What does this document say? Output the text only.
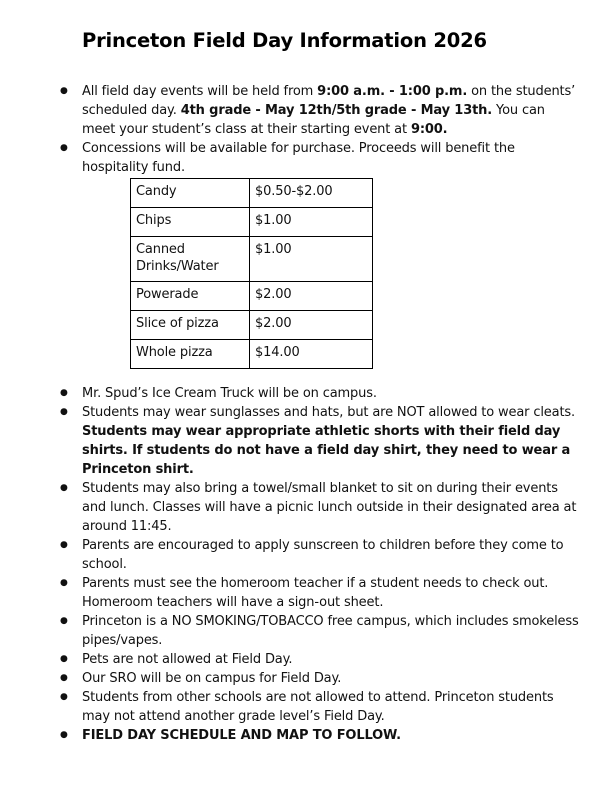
Princeton Field Day Information 2026
● All field day events will be held from 9:00 a.m. - 1:00 p.m. on the students’ scheduled day. 4th grade - May 12th/5th grade - May 13th. You can meet your student’s class at their starting event at 9:00.
● Concessions will be available for purchase. Proceeds will benefit the hospitality fund.
Candy	$0.50-$2.00
Chips	$1.00
Canned Drinks/Water	$1.00
Powerade	$2.00
Slice of pizza	$2.00
Whole pizza	$14.00
● Mr. Spud’s Ice Cream Truck will be on campus.
● Students may wear sunglasses and hats, but are NOT allowed to wear cleats. Students may wear appropriate athletic shorts with their field day shirts. If students do not have a field day shirt, they need to wear a Princeton shirt.
● Students may also bring a towel/small blanket to sit on during their events and lunch. Classes will have a picnic lunch outside in their designated area at around 11:45.
● Parents are encouraged to apply sunscreen to children before they come to school.
● Parents must see the homeroom teacher if a student needs to check out. Homeroom teachers will have a sign-out sheet.
● Princeton is a NO SMOKING/TOBACCO free campus, which includes smokeless pipes/vapes.
● Pets are not allowed at Field Day.
● Our SRO will be on campus for Field Day.
● Students from other schools are not allowed to attend. Princeton students may not attend another grade level’s Field Day.
● FIELD DAY SCHEDULE AND MAP TO FOLLOW.
